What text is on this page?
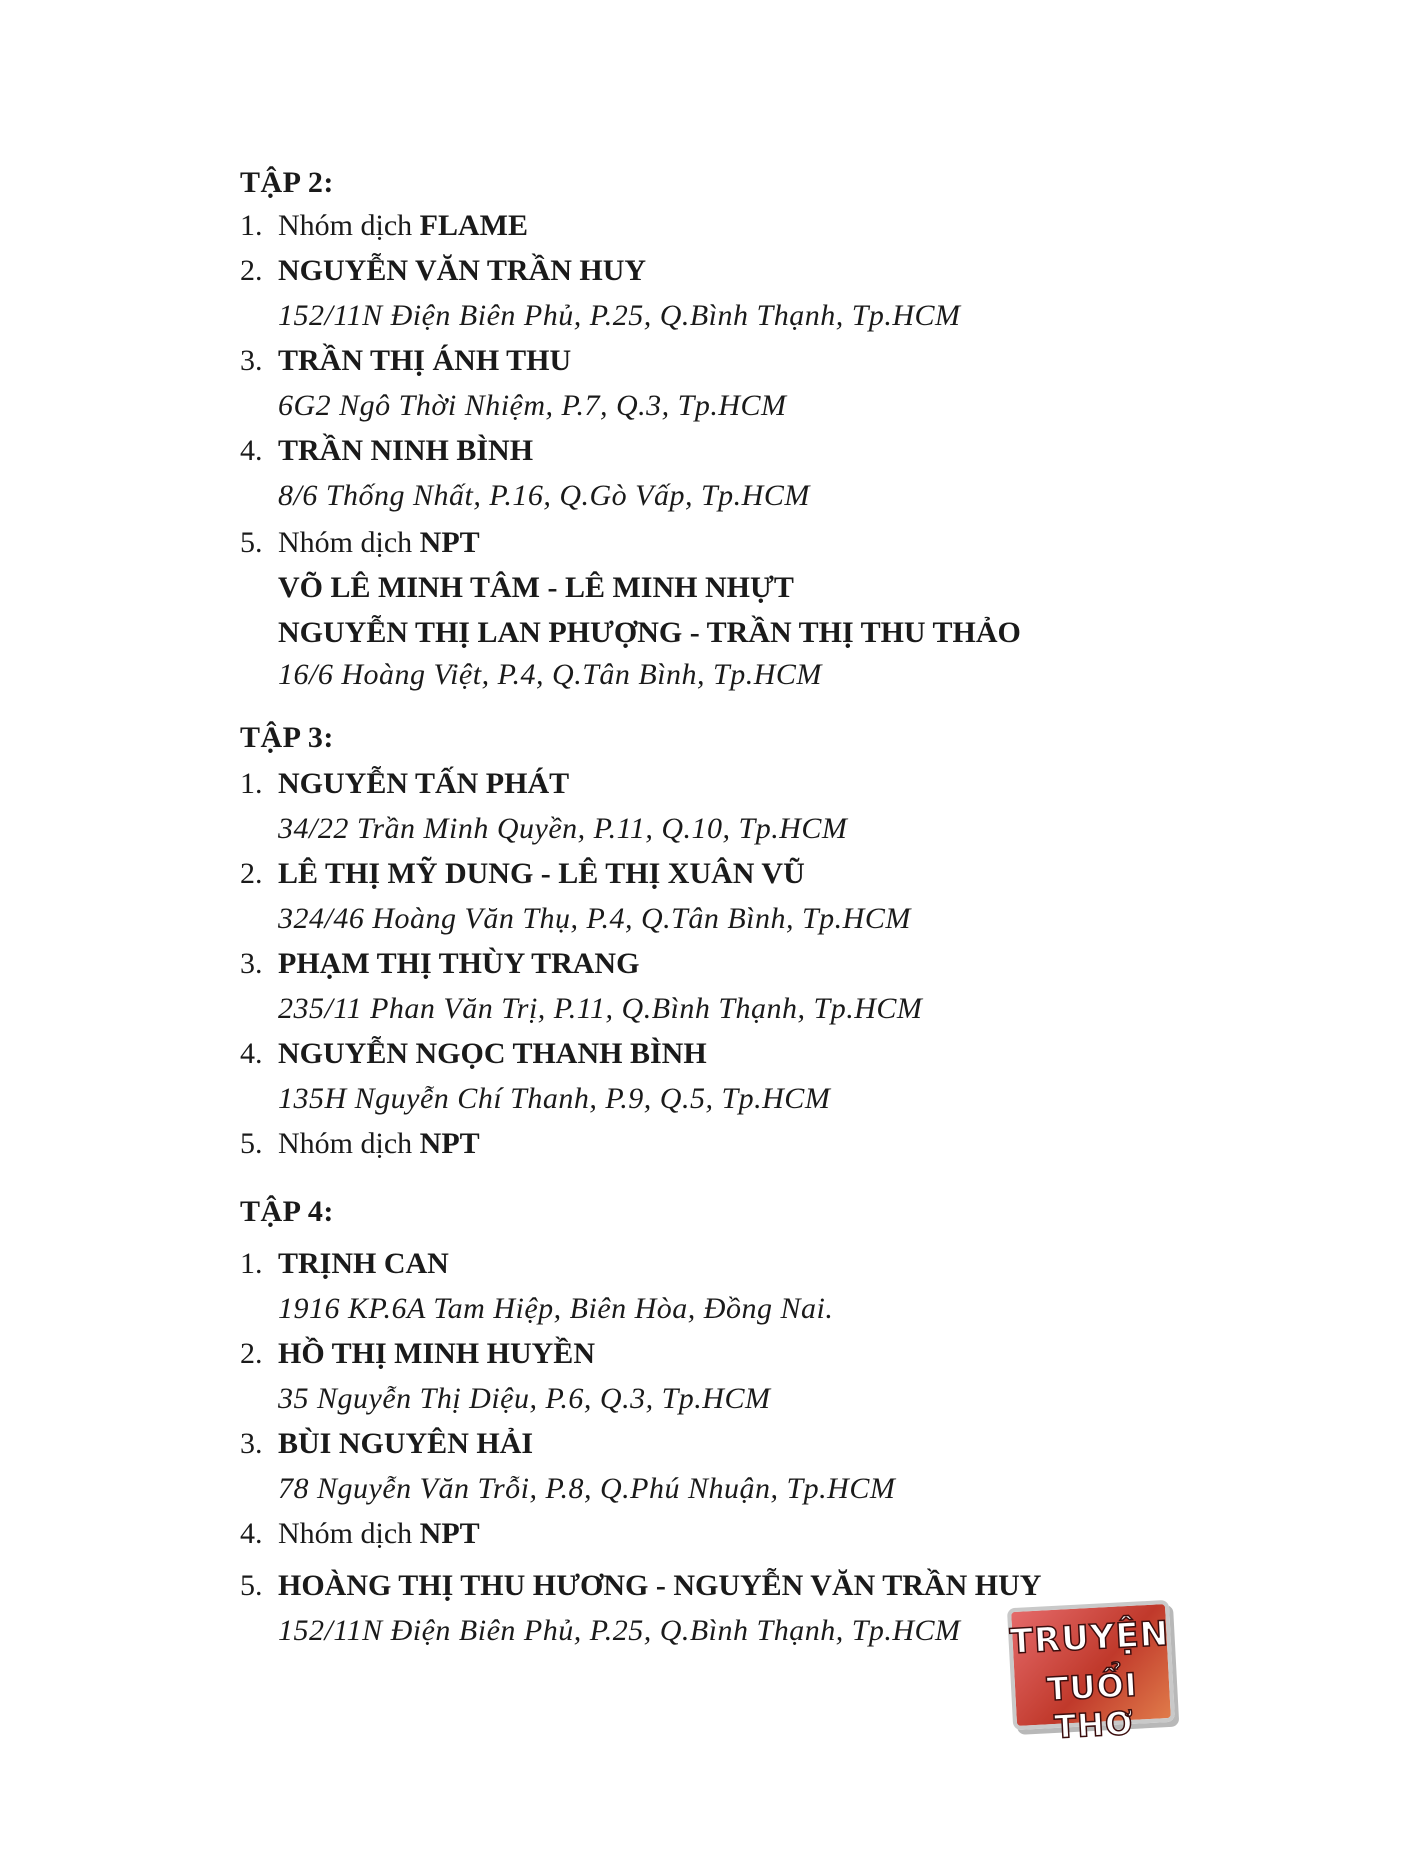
TẬP 2:
1. Nhóm dịch FLAME
2. NGUYỄN VĂN TRẦN HUY
152/11N Điện Biên Phủ, P.25, Q.Bình Thạnh, Tp.HCM
3. TRẦN THỊ ÁNH THU
6G2 Ngô Thời Nhiệm, P.7, Q.3, Tp.HCM
4. TRẦN NINH BÌNH
8/6 Thống Nhất, P.16, Q.Gò Vấp, Tp.HCM
5. Nhóm dịch NPT
VÕ LÊ MINH TÂM - LÊ MINH NHỰT
NGUYỄN THỊ LAN PHƯỢNG - TRẦN THỊ THU THẢO
16/6 Hoàng Việt, P.4, Q.Tân Bình, Tp.HCM
TẬP 3:
1. NGUYỄN TẤN PHÁT
34/22 Trần Minh Quyền, P.11, Q.10, Tp.HCM
2. LÊ THỊ MỸ DUNG - LÊ THỊ XUÂN VŨ
324/46 Hoàng Văn Thụ, P.4, Q.Tân Bình, Tp.HCM
3. PHẠM THỊ THÙY TRANG
235/11 Phan Văn Trị, P.11, Q.Bình Thạnh, Tp.HCM
4. NGUYỄN NGỌC THANH BÌNH
135H Nguyễn Chí Thanh, P.9, Q.5, Tp.HCM
5. Nhóm dịch NPT
TẬP 4:
1. TRỊNH CAN
1916 KP.6A Tam Hiệp, Biên Hòa, Đồng Nai.
2. HỒ THỊ MINH HUYỀN
35 Nguyễn Thị Diệu, P.6, Q.3, Tp.HCM
3. BÙI NGUYÊN HẢI
78 Nguyễn Văn Trỗi, P.8, Q.Phú Nhuận, Tp.HCM
4. Nhóm dịch NPT
5. HOÀNG THỊ THU HƯƠNG - NGUYỄN VĂN TRẦN HUY
152/11N Điện Biên Phủ, P.25, Q.Bình Thạnh, Tp.HCM TRUYỆN
TUỔI THƠ
